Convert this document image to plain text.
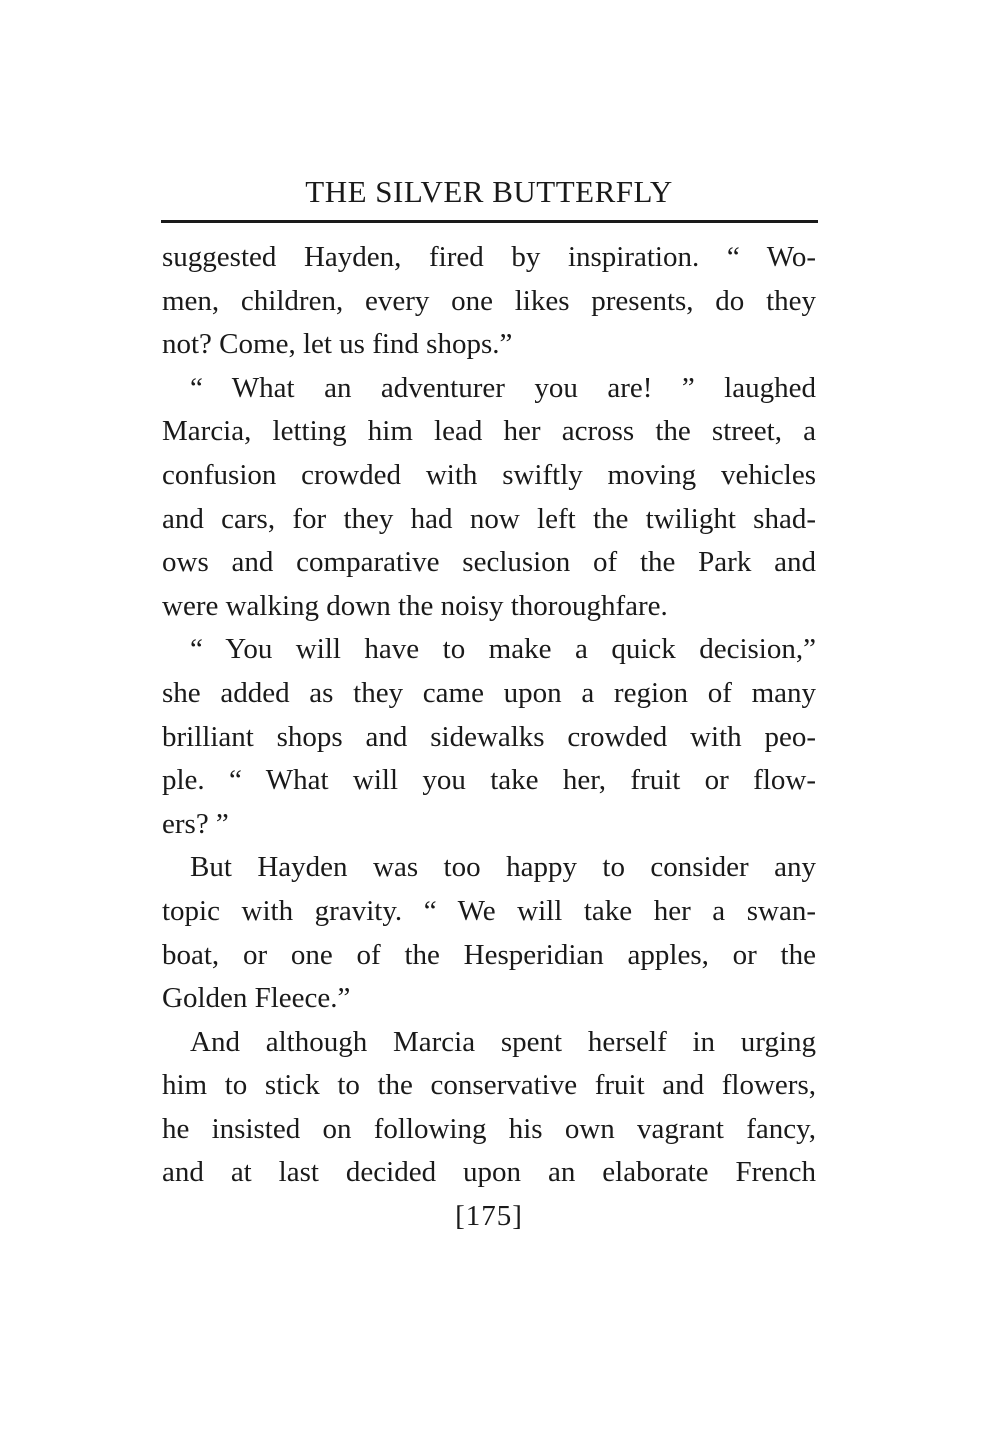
THE SILVER BUTTERFLY
suggested Hayden, fired by inspiration. “ Wo-
men, children, every one likes presents, do they
not? Come, let us find shops.”
“ What an adventurer you are! ” laughed
Marcia, letting him lead her across the street, a
confusion crowded with swiftly moving vehicles
and cars, for they had now left the twilight shad-
ows and comparative seclusion of the Park and
were walking down the noisy thoroughfare.
“ You will have to make a quick decision,”
she added as they came upon a region of many
brilliant shops and sidewalks crowded with peo-
ple. “ What will you take her, fruit or flow-
ers? ”
But Hayden was too happy to consider any
topic with gravity. “ We will take her a swan-
boat, or one of the Hesperidian apples, or the
Golden Fleece.”
And although Marcia spent herself in urging
him to stick to the conservative fruit and flowers,
he insisted on following his own vagrant fancy,
and at last decided upon an elaborate French
[175]
